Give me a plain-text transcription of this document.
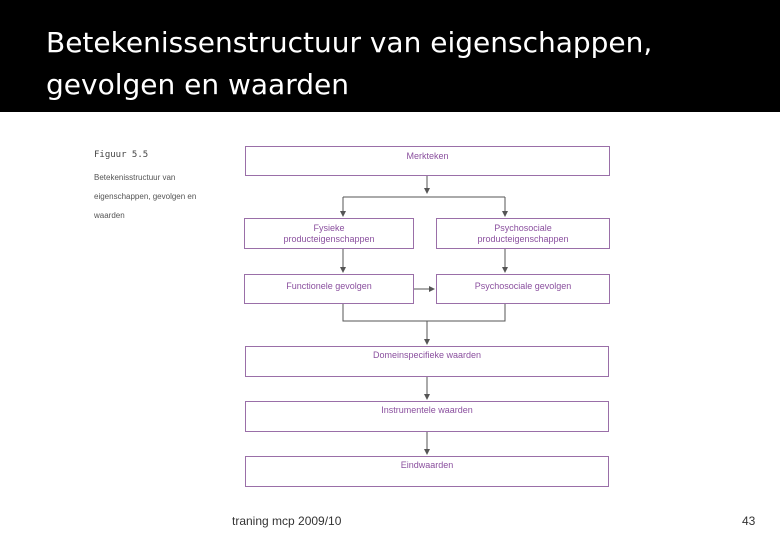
Betekenissenstructuur van eigenschappen, gevolgen en waarden
Figuur 5.5
Betekenisstructuur van eigenschappen, gevolgen en waarden
Merkteken
Fysieke
producteigenschappen
Psychosociale
producteigenschappen
Functionele gevolgen	Psychosociale gevolgen
Domeinspecifieke waarden
Instrumentele waarden
Eindwaarden
traning mcp 2009/10	43
